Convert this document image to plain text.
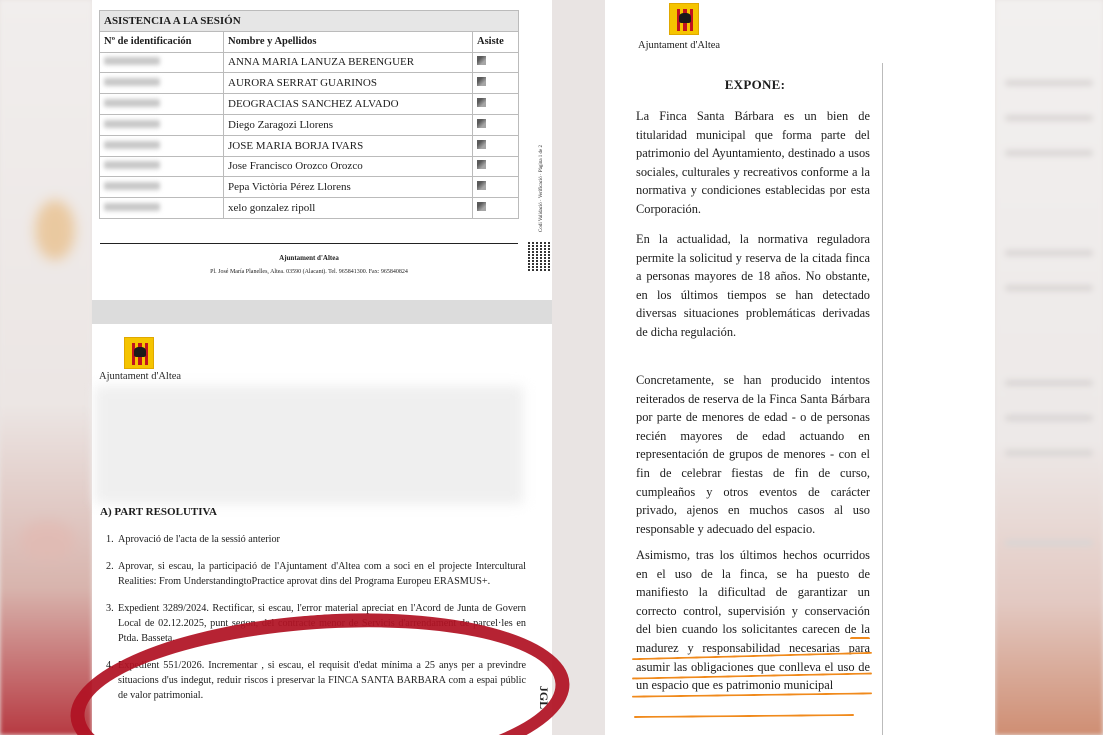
ASISTENCIA A LA SESIÓN		
Nº de identificación	Nombre y Apellidos	Asiste
	ANNA MARIA LANUZA BERENGUER	
	AURORA SERRAT GUARINOS	
	DEOGRACIAS SANCHEZ ALVADO	
	Diego Zaragozi Llorens	
	JOSE MARIA BORJA IVARS	
	Jose Francisco Orozco Orozco	
	Pepa Victòria Pérez Llorens	
	xelo gonzalez ripoll	
Ajuntament d'Altea
Pl. José María Planelles, Altea. 03590 (Alacant). Tel. 965841300. Fax: 965840824
Codi Validació · Verificació · Pàgina 1 de 2
Ajuntament d'Altea
A) PART RESOLUTIVA
1. Aprovació de l'acta de la sessió anterior
2. Aprovar, si escau, la participació de l'Ajuntament d'Altea com a soci en el projecte Intercultural Realities: From UnderstandingtoPractice aprovat dins del Programa Europeu ERASMUS+.
3. Expedient 3289/2024. Rectificar, si escau, l'error material apreciat en l'Acord de Junta de Govern Local de 02.12.2025, punt segon, del contracte menor de Servicis d'arrendament de parcel·les en Ptda. Basseta.
4. Expedient 551/2026. Incrementar , si escau, el requisit d'edat mínima a 25 anys per a previndre situacions d'us indegut, reduir riscos i preservar la FINCA SANTA BARBARA com a espai públic de valor patrimonial.	JGL
Ajuntament d'Altea
EXPONE:
La Finca Santa Bárbara es un bien de titularidad municipal que forma parte del patrimonio del Ayuntamiento, destinado a usos sociales, culturales y recreativos conforme a la normativa y condiciones establecidas por esta Corporación.
En la actualidad, la normativa reguladora permite la solicitud y reserva de la citada finca a personas mayores de 18 años. No obstante, en los últimos tiempos se han detectado diversas situaciones problemáticas derivadas de dicha regulación.
Concretamente, se han producido intentos reiterados de reserva de la Finca Santa Bárbara por parte de menores de edad - o de personas recién mayores de edad actuando en representación de grupos de menores - con el fin de celebrar fiestas de fin de curso, cumpleaños y otros eventos de carácter privado, ajenos en muchos casos al uso responsable y adecuado del espacio.
Asimismo, tras los últimos hechos ocurridos en el uso de la finca, se ha puesto de manifiesto la dificultad de garantizar un correcto control, supervisión y conservación del bien cuando los solicitantes carecen de la madurez y responsabilidad necesarias para asumir las obligaciones que conlleva el uso de un espacio que es patrimonio municipal
